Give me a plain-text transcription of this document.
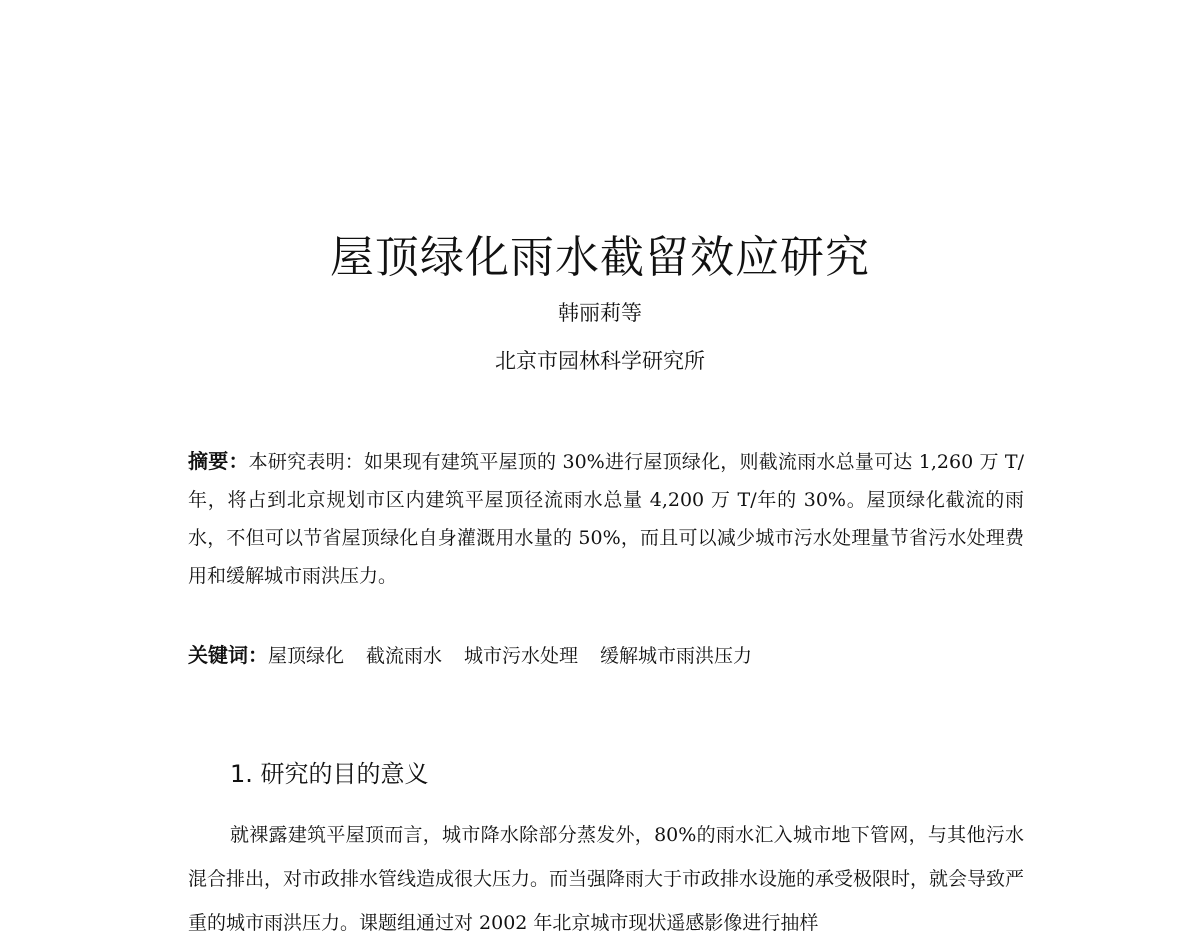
屋顶绿化雨水截留效应研究
韩丽莉等
北京市园林科学研究所

摘要：本研究表明：如果现有建筑平屋顶的 30%进行屋顶绿化，则截流雨水总量可达 1,260 万 T/年，将占到北京规划市区内建筑平屋顶径流雨水总量 4,200 万 T/年的 30%。屋顶绿化截流的雨水，不但可以节省屋顶绿化自身灌溉用水量的 50%，而且可以减少城市污水处理量节省污水处理费用和缓解城市雨洪压力。

关键词：屋顶绿化 截流雨水 城市污水处理 缓解城市雨洪压力

1. 研究的目的意义

就裸露建筑平屋顶而言，城市降水除部分蒸发外，80%的雨水汇入城市地下管网，与其他污水混合排出，对市政排水管线造成很大压力。而当强降雨大于市政排水设施的承受极限时，就会导致严重的城市雨洪压力。课题组通过对 2002 年北京城市现状遥感影像进行抽样
